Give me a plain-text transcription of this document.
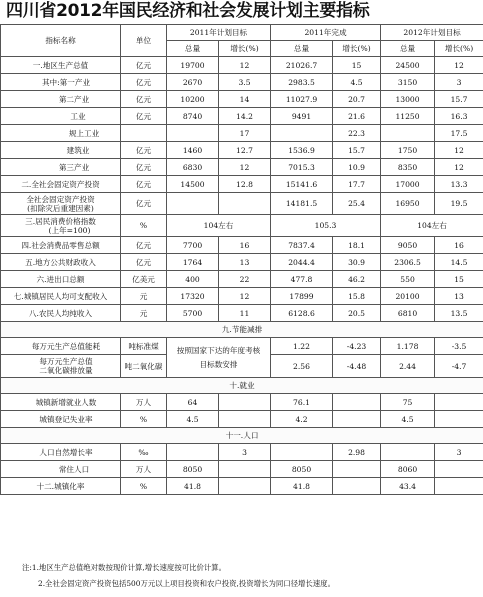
四川省2012年国民经济和社会发展计划主要指标
指标名称	单位	2011年计划目标		2011年完成		2012年计划目标	
		总量	增长(%)	总量	增长(%)	总量	增长(%)
一.地区生产总值	亿元	19700	12	21026.7	15	24500	12
其中:第一产业	亿元	2670	3.5	2983.5	4.5	3150	3
第二产业	亿元	10200	14	11027.9	20.7	13000	15.7
工业	亿元	8740	14.2	9491	21.6	11250	16.3
规上工业			17		22.3		17.5
建筑业	亿元	1460	12.7	1536.9	15.7	1750	12
第三产业	亿元	6830	12	7015.3	10.9	8350	12
二.全社会固定资产投资	亿元	14500	12.8	15141.6	17.7	17000	13.3

全社会固定资产投资
(扣除灾后重建因素)	亿元			14181.5	25.4	16950	19.5

三.居民消费价格指数
(上年=100)	%	104左右		105.3		104左右	
四.社会消费品零售总额	亿元	7700	16	7837.4	18.1	9050	16
五.地方公共财政收入	亿元	1764	13	2044.4	30.9	2306.5	14.5
六.进出口总额	亿美元	400	22	477.8	46.2	550	15
七.城镇居民人均可支配收入	元	17320	12	17899	15.8	20100	13
八.农民人均纯收入	元	5700	11	6128.6	20.5	6810	13.5
九.节能减排							
每万元生产总值能耗	吨标准煤	按照国家下达的年度考核目标数安排		1.22	-4.23	1.178	-3.5

每万元生产总值
二氧化碳排放量	吨二氧化碳			2.56	-4.48	2.44	-4.7
十.就业							
城镇新增就业人数	万人	64		76.1		75	
城镇登记失业率	%	4.5		4.2		4.5	
十一.人口							
人口自然增长率	‰		3		2.98		3
常住人口	万人	8050		8050		8060	
十二.城镇化率	%	41.8		41.8		43.4	
注:1.地区生产总值绝对数按现价计算,增长速度按可比价计算。
2.全社会固定资产投资包括500万元以上项目投资和农户投资,投资增长为同口径增长速度。
